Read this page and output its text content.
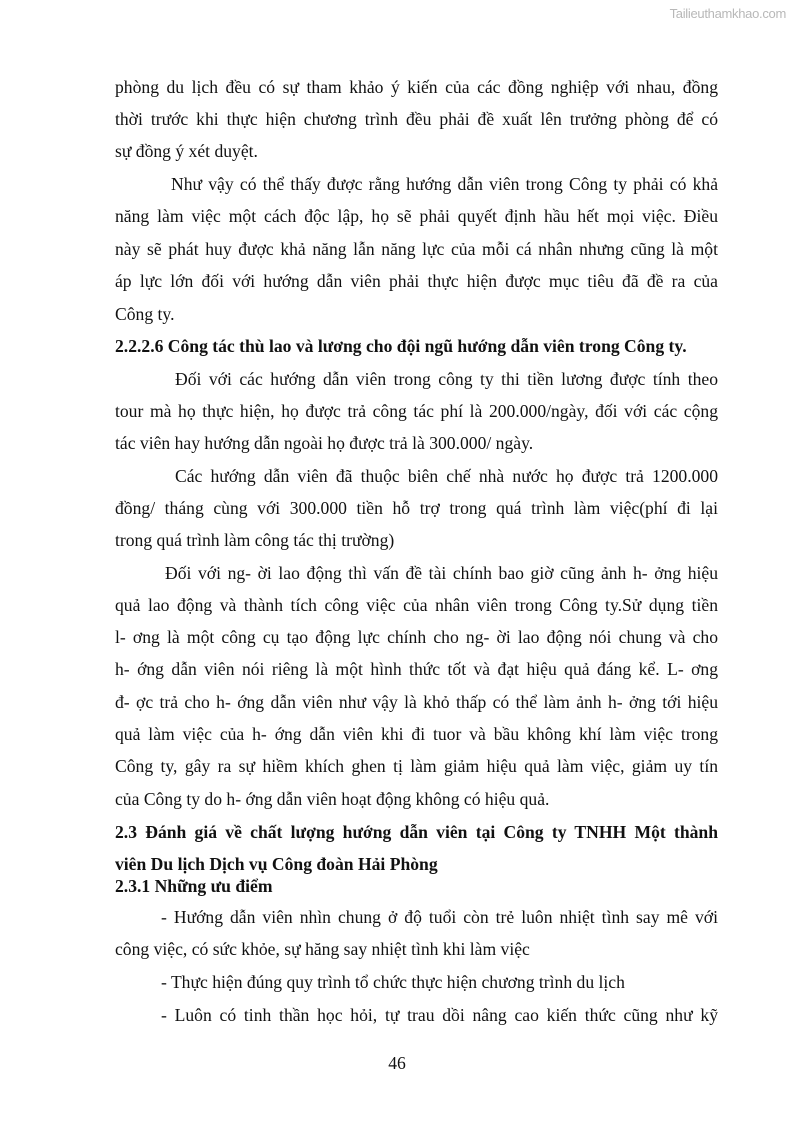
Tailieuthamkhao.com
phòng du lịch đều có sự tham khảo ý kiến của các đồng nghiệp với nhau, đồng
thời trước khi thực hiện chương trình đều phải đề xuất lên trưởng phòng để có
sự đồng ý xét duyệt.
Như vậy có thể thấy được rằng hướng dẫn viên trong Công ty phải có khả
năng làm việc một cách độc lập, họ sẽ phải quyết định hầu hết mọi việc. Điều
này sẽ phát huy được khả năng lẫn năng lực của mỗi cá nhân nhưng cũng là một
áp lực lớn đối với hướng dẫn viên phải thực hiện được mục tiêu đã đề ra của
Công ty.
2.2.2.6 Công tác thù lao và lương cho đội ngũ hướng dẫn viên trong Công ty.
Đối với các hướng dẫn viên trong công ty thi tiền lương được tính theo
tour mà họ thực hiện, họ được trả công tác phí là 200.000/ngày, đối với các cộng
tác viên hay hướng dẫn ngoài họ được trả là 300.000/ ngày.
Các hướng dẫn viên đã thuộc biên chế nhà nước họ được trả 1200.000
đồng/ tháng cùng với 300.000 tiền hỗ trợ trong quá trình làm việc(phí đi lại
trong quá trình làm công tác thị trường)
Đối với ng- ời lao động thì vấn đề tài chính bao giờ cũng ảnh h- ởng hiệu
quả lao động và thành tích công việc của nhân viên trong Công ty.Sử dụng tiền
l- ơng là một công cụ tạo động lực chính cho ng- ời lao động nói chung và cho
h- ớng dẫn viên nói riêng là một hình thức tốt và đạt hiệu quả đáng kể. L- ơng
đ- ợc trả cho h- ớng dẫn viên như vậy là khỏ thấp có thể làm ảnh h- ởng tới hiệu
quả làm việc của h- ớng dẫn viên khi đi tuor và bầu không khí làm việc trong
Công ty, gây ra sự hiềm khích ghen tị làm giảm hiệu quả làm việc, giảm uy tín
của Công ty do h- ớng dẫn viên hoạt động không có hiệu quả.
2.3 Đánh giá về chất lượng hướng dẫn viên tại Công ty TNHH Một thành
viên Du lịch Dịch vụ Công đoàn Hải Phòng
2.3.1 Những ưu điểm
- Hướng dẫn viên nhìn chung ở độ tuổi còn trẻ luôn nhiệt tình say mê với
công việc, có sức khỏe, sự hăng say nhiệt tình khi làm việc
- Thực hiện đúng quy trình tổ chức thực hiện chương trình du lịch
- Luôn có tinh thần học hỏi, tự trau dồi nâng cao kiến thức cũng như kỹ
46
